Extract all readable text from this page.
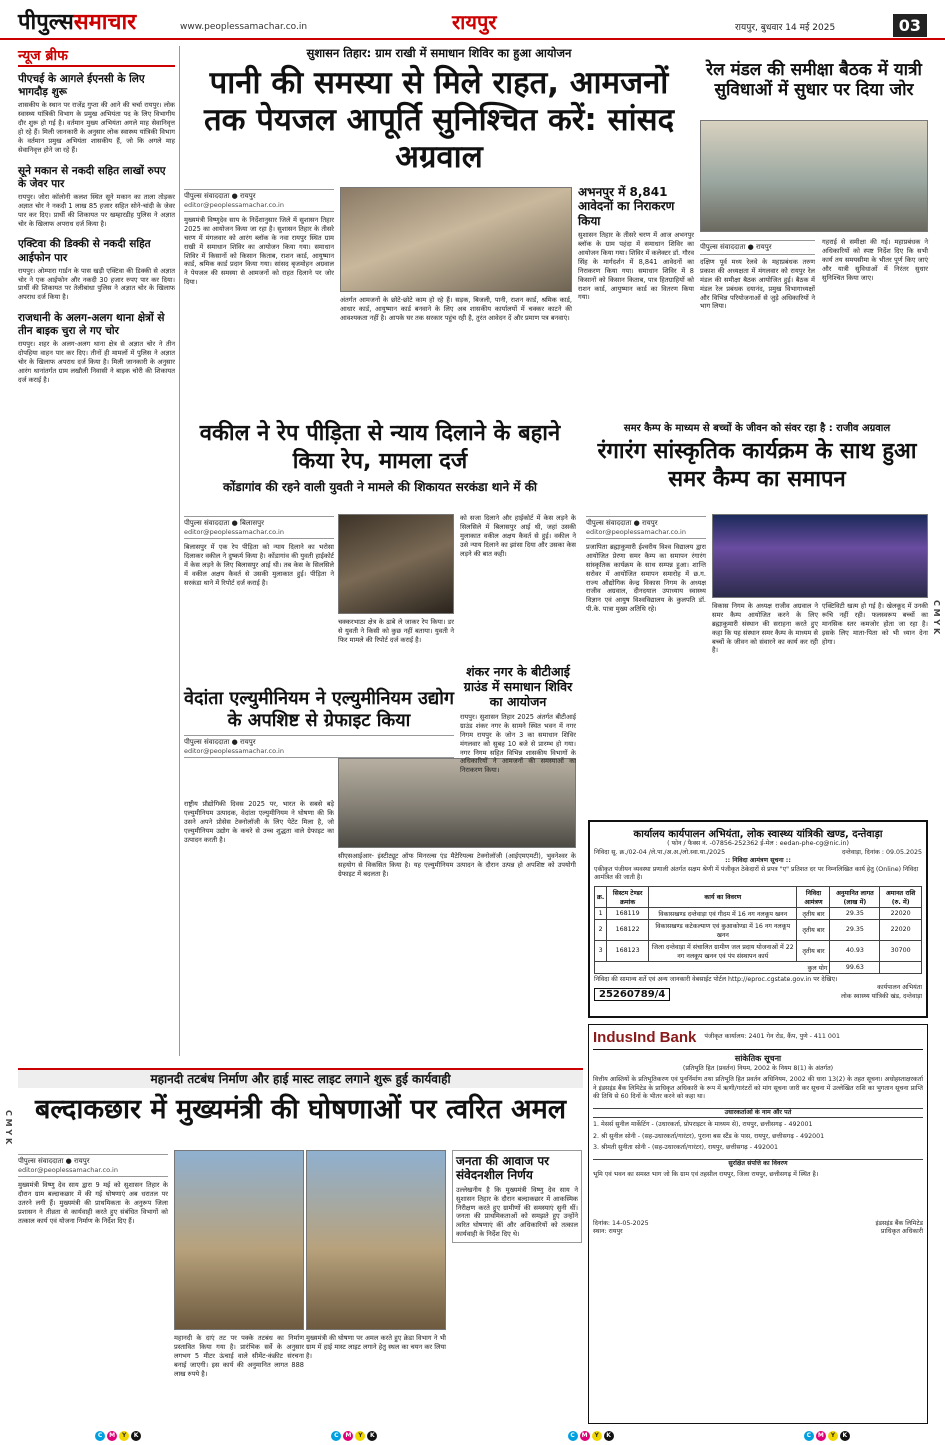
पीपुल्ससमाचार	www.peoplessamachar.co.in	रायपुर	रायपुर, बुधवार 14 मई 2025	03
न्यूज ब्रीफ
पीएचई के आगले ईएनसी के लिए भागदौड़ शुरू
शासकीय के स्थान पर राजेंद्र गुप्ता की आने की चर्चा रायपुर। लोक स्वास्थ्य यांत्रिकी विभाग के प्रमुख अभियंता पद के लिए विभागीय दौर शुरू हो गई है। वर्तमान मुख्य अभियंता अगले माह सेवानिवृत्त हो रहे हैं। मिली जानकारी के अनुसार लोक स्वास्थ्य यांत्रिकी विभाग के वर्तमान प्रमुख अभियंता शासकीय हैं, जो कि अगले माह सेवानिवृत्त होने जा रहे हैं।
सूने मकान से नकदी सहित लाखों रुपए के जेवर पार
रायपुर। जोरा कॉलोनी कलश स्थित सूने मकान का ताला तोड़कर अज्ञात चोर ने नकदी 1 लाख 85 हजार सहित सोने-चांदी के जेवर पार कर दिए। प्रार्थी की शिकायत पर खम्हारडीह पुलिस ने अज्ञात चोर के खिलाफ अपराध दर्ज किया है।
एक्टिवा की डिक्की से नकदी सहित आईफोन पार
रायपुर। ओम्पारा गार्डन के पास खड़ी एक्टिवा की डिक्की से अज्ञात चोर ने एक आईफोन और नकदी 30 हजार रुपए पार कर दिया। प्रार्थी की शिकायत पर तेलीबांधा पुलिस ने अज्ञात चोर के खिलाफ अपराध दर्ज किया है।
राजधानी के अलग-अलग थाना क्षेत्रों से तीन बाइक चुरा ले गए चोर
रायपुर। शहर के अलग-अलग थाना क्षेत्र से अज्ञात चोर ने तीन दोपहिया वाहन पार कर दिए। तीनों ही मामलों में पुलिस ने अज्ञात चोर के खिलाफ अपराध दर्ज किया है। मिली जानकारी के अनुसार आरंग थानांतर्गत ग्राम लखौली निवासी ने बाइक चोरी की शिकायत दर्ज कराई है।
सुशासन तिहार: ग्राम राखी में समाधान शिविर का हुआ आयोजन
पानी की समस्या से मिले राहत, आमजनों तक पेयजल आपूर्ति सुनिश्चित करें: सांसद अग्रवाल
पीपुल्स संवाददाता ● रायपुर
editor@peoplessamachar.co.in
मुख्यमंत्री विष्णुदेव साय के निर्देशानुसार जिले में सुशासन तिहार 2025 का आयोजन किया जा रहा है। सुशासन तिहार के तीसरे चरण में मंगलवार को आरंग ब्लॉक के नवा रायपुर स्थित ग्राम राखी में समाधान शिविर का आयोजन किया गया। समाधान शिविर में किसानों को किसान किताब, राशन कार्ड, आयुष्मान कार्ड, श्रमिक कार्ड प्रदान किया गया। सांसद बृजमोहन अग्रवाल ने पेयजल की समस्या से आमजनों को राहत दिलाने पर जोर दिया।
अंतर्गत आमजनों के छोटे-छोटे काम हो रहे हैं। सड़क, बिजली, पानी, राशन कार्ड, श्रमिक कार्ड, आधार कार्ड, आयुष्मान कार्ड बनवाने के लिए अब शासकीय कार्यालयों में चक्कर काटने की आवश्यकता नहीं है। आपके घर तक सरकार पहुंच रही है, तुरंत आवेदन दें और प्रमाण पत्र बनवाएं।
अभनपुर में 8,841 आवेदनों का निराकरण किया
सुशासन तिहार के तीसरे चरण में आज अभनपुर ब्लॉक के ग्राम पहंदा में समाधान शिविर का आयोजन किया गया। शिविर में कलेक्टर डॉ. गौरव सिंह के मार्गदर्शन में 8,841 आवेदनों का निराकरण किया गया। समाधान शिविर में 8 किसानों को किसान किताब, पात्र हितग्राहियों को राशन कार्ड, आयुष्मान कार्ड का वितरण किया गया।
रेल मंडल की समीक्षा बैठक में यात्री सुविधाओं में सुधार पर दिया जोर
पीपुल्स संवाददाता ● रायपुर
दक्षिण पूर्व मध्य रेलवे के महाप्रबंधक तरुण प्रकाश की अध्यक्षता में मंगलवार को रायपुर रेल मंडल की समीक्षा बैठक आयोजित हुई। बैठक में मंडल रेल प्रबंधक दयानंद, प्रमुख विभागाध्यक्षों और विभिन्न परियोजनाओं से जुड़े अधिकारियों ने भाग लिया।
गहराई से समीक्षा की गई। महाप्रबंधक ने अधिकारियों को स्पष्ट निर्देश दिए कि सभी कार्य तय समयसीमा के भीतर पूर्ण किए जाएं और यात्री सुविधाओं में निरंतर सुधार सुनिश्चित किया जाए।
वकील ने रेप पीड़िता से न्याय दिलाने के बहाने किया रेप, मामला दर्ज
कोंडागांव की रहने वाली युवती ने मामले की शिकायत सरकंडा थाने में की
पीपुल्स संवाददाता ● बिलासपुर
editor@peoplessamachar.co.in
बिलासपुर में एक रेप पीड़िता को न्याय दिलाने का भरोसा दिलाकर वकील ने दुष्कर्म किया है। कोंडागांव की युवती हाईकोर्ट में केस लड़ने के लिए बिलासपुर आई थी। तब केस के सिलसिले में वकील अक्षय कैवर्त से उसकी मुलाकात हुई। पीड़िता ने सरकंडा थाने में रिपोर्ट दर्ज कराई है।
चक्करभाठा क्षेत्र के ढाबे ले जाकर रेप किया। डर से युवती ने किसी को कुछ नहीं बताया। युवती ने फिर मामले की रिपोर्ट दर्ज कराई है।
को सजा दिलाने और हाईकोर्ट में केस लड़ने के सिलसिले में बिलासपुर आई थी, जहां उसकी मुलाकात वकील अक्षय कैवर्त से हुई। वकील ने उसे न्याय दिलाने का झांसा दिया और उसका केस लड़ने की बात कही।
वेदांता एल्युमीनियम ने एल्युमीनियम उद्योग के अपशिष्ट से ग्रेफाइट किया
पीपुल्स संवाददाता ● रायपुर
editor@peoplessamachar.co.in
राष्ट्रीय प्रौद्योगिकी दिवस 2025 पर, भारत के सबसे बड़े एल्युमीनियम उत्पादक, वेदांता एल्युमीनियम ने घोषणा की कि उसने अपने प्रोसेस टेक्नोलॉजी के लिए पेटेंट मिला है, जो एल्युमीनियम उद्योग के कचरे से उच्च शुद्धता वाले ग्रेफाइट का उत्पादन करती है।
सीएसआईआर- इंस्टीट्यूट ऑफ मिनरल्स एंड मैटेरियल्स टेक्नोलॉजी (आईएमएमटी), भुवनेश्वर के सहयोग से विकसित किया है। यह एल्युमीनियम उत्पादन के दौरान उत्पन्न हो अपशिष्ट को उपयोगी ग्रेफाइट में बदलता है।
शंकर नगर के बीटीआई ग्राउंड में समाधान शिविर का आयोजन
रायपुर। सुशासन तिहार 2025 अंतर्गत बीटीआई ग्राउंड शंकर नगर के सामने स्थित भवन में नगर निगम रायपुर के जोन 3 का समाधान शिविर मंगलवार को सुबह 10 बजे से प्रारम्भ हो गया। नगर निगम सहित विभिन्न शासकीय विभागों के अधिकारियों ने आमजनों की समस्याओं का निराकरण किया।
समर कैम्प के माध्यम से बच्चों के जीवन को संवर रहा है : राजीव अग्रवाल
रंगारंग सांस्कृतिक कार्यक्रम के साथ हुआ समर कैम्प का समापन
पीपुल्स संवाददाता ● रायपुर
editor@peoplessamachar.co.in
प्रजापिता ब्रह्माकुमारी ईश्वरीय विश्व विद्यालय द्वारा आयोजित प्रेरणा समर कैम्प का समापन रंगारंग सांस्कृतिक कार्यक्रम के साथ सम्पन्न हुआ। शान्ति सरोवर में आयोजित समापन समारोह में छ.ग. राज्य औद्योगिक केन्द्र विकास निगम के अध्यक्ष राजीव अग्रवाल, दीनदयाल उपाध्याय स्वास्थ्य विज्ञान एवं आयुष विश्वविद्यालय के कुलपति डॉ. पी.के. पात्रा मुख्य अतिथि रहे।	विकास निगम के अध्यक्ष राजीव अग्रवाल ने समर कैम्प आयोजित करने के लिए ब्रह्माकुमारी संस्थान की सराहना करते हुए कहा कि यह संस्थान समर कैम्प के माध्यम से बच्चों के जीवन को संवारने का कार्य कर रही है।
एक्टिविटी खत्म हो गई है। खेलकूद में उनकी रूचि नहीं रही। फलस्वरूप बच्चों का मानसिक स्तर कमजोर होता जा रहा है। इसके लिए माता-पिता को भी ध्यान देना होगा।
कार्यालय कार्यपालन अभियंता, लोक स्वास्थ्य यांत्रिकी खण्ड, दन्तेवाड़ा
( फोन / फैक्स नं. -07856-252362 ई-मेल : eedan-phe-cg@nic.in)
निविदा सू. क्र./02-04 /ले.पा./अ.अ./लो.स्वा.या./2025	दन्तेवाड़ा, दिनांक : 09.05.2025
:: निविदा आमंत्रण सूचना ::
एकीकृत पंजीयन व्यवस्था प्रणाली अंतर्गत सक्षम श्रेणी में पंजीकृत ठेकेदारों से प्रपत्र "ए" प्रतिशत दर पर निम्नलिखित कार्य हेतु (Online) निविदा आमंत्रित की जाती है।
क्र.	सिस्टम टेण्डर क्रमांक	कार्य का विवरण	निविदा आमंत्रण	अनुमानित लागत (लाख में)	अमानत राशि (रु. में)
1	168119	विकासखण्ड दन्तेवाड़ा एवं गीदम में 16 नग नलकूप खनन	तृतीय बार	29.35	22020
2	168122	विकासखण्ड कटेकल्याण एवं कुआकोण्डा में 16 नग नलकूप खनन	तृतीय बार	29.35	22020
3	168123	जिला दन्तेवाड़ा में संचालित ग्रामीण जल प्रदाय योजनाओं में 22 नग नलकूप खनन एवं पंप संस्थापन कार्य	तृतीय बार	40.93	30700
कुल योग				99.63	
निविदा की सामान्य शर्ते एवं अन्य जानकारी वेबसाईट पोर्टल http://eproc.cgstate.gov.in पर देखिए।
25260789/4
कार्यपालन अभियंता
लोक स्वास्थ्य यांत्रिकी खंड, दन्तेवाड़ा
IndusInd Bank पंजीकृत कार्यालय: 2401 गेन रोड, कैंप, पुणे - 411 001
सांकेतिक सूचना
(प्रतिभूति हित (प्रवर्तन) नियम, 2002 के नियम 8(1) के अंतर्गत)
वित्तीय आस्तियों के प्रतिभूतिकरण एवं पुनर्निर्माण तथा प्रतिभूति हित प्रवर्तन अधिनियम, 2002 की धारा 13(2) के तहत सूचना। अधोहस्ताक्षरकर्ता ने इंडसइंड बैंक लिमिटेड के प्राधिकृत अधिकारी के रूप में ऋणी/गारंटरों को मांग सूचना जारी कर सूचना में उल्लेखित राशि का भुगतान सूचना प्राप्ति की तिथि से 60 दिनों के भीतर करने को कहा था।
उधारकर्ताओं के नाम और पते
1. मेसर्स सुनील मार्केटिंग - (उधारकर्ता, प्रोपराइटर के माध्यम से), रायपुर, छत्तीसगढ़ - 492001
2. श्री सुनील सोनी - (सह-उधारकर्ता/गारंटर), पुराना बस स्टैंड के पास, रायपुर, छत्तीसगढ़ - 492001
3. श्रीमती सुनीता सोनी - (सह-उधारकर्ता/गारंटर), रायपुर, छत्तीसगढ़ - 492001
सुरक्षित संपत्ति का विवरण
भूमि एवं भवन का समस्त भाग जो कि ग्राम एवं तहसील रायपुर, जिला रायपुर, छत्तीसगढ़ में स्थित है।
दिनांक: 14-05-2025
स्थान: रायपुर
इंडसइंड बैंक लिमिटेड
प्राधिकृत अधिकारी
महानदी तटबंध निर्माण और हाई मास्ट लाइट लगाने शुरू हुई कार्यवाही
बल्दाकछार में मुख्यमंत्री की घोषणाओं पर त्वरित अमल
पीपुल्स संवाददाता ● रायपुर
editor@peoplessamachar.co.in
मुख्यमंत्री विष्णु देव साय द्वारा 9 मई को सुशासन तिहार के दौरान ग्राम बल्दाकछार में की गई घोषणाएं अब धरातल पर उतरने लगी हैं। मुख्यमंत्री की प्राथमिकता के अनुरूप जिला प्रशासन ने तीव्रता से कार्यवाही करते हुए संबंधित विभागों को तत्काल कार्य एवं योजना निर्माण के निर्देश दिए हैं।
महानदी के दाएं तट पर पक्के तटबंध का निर्माण प्रस्तावित किया गया है। प्रारंभिक सर्वे के अनुसार लगभग 5 मीटर ऊंचाई वाले सीमेंट-कंक्रीट संरचना बनाई जाएगी। इस कार्य की अनुमानित लागत 888 लाख रुपये है।
मुख्यमंत्री की घोषणा पर अमल करते हुए क्रेडा विभाग ने भी ग्राम में हाई मास्ट लाइट लगाने हेतु स्थल का चयन कर लिया है।
जनता की आवाज पर संवेदनशील निर्णय
उल्लेखनीय है कि मुख्यमंत्री विष्णु देव साय ने सुशासन तिहार के दौरान बल्दाकछार में आकस्मिक निरीक्षण करते हुए ग्रामीणों की समस्याएं सुनी थीं। जनता की प्राथमिकताओं को समझते हुए उन्होंने त्वरित घोषणाएं कीं और अधिकारियों को तत्काल कार्यवाही के निर्देश दिए थे।
C M Y K
C M Y K
C	M	Y	K	C	M	Y	K	C	M	Y	K	C	M	Y	K
